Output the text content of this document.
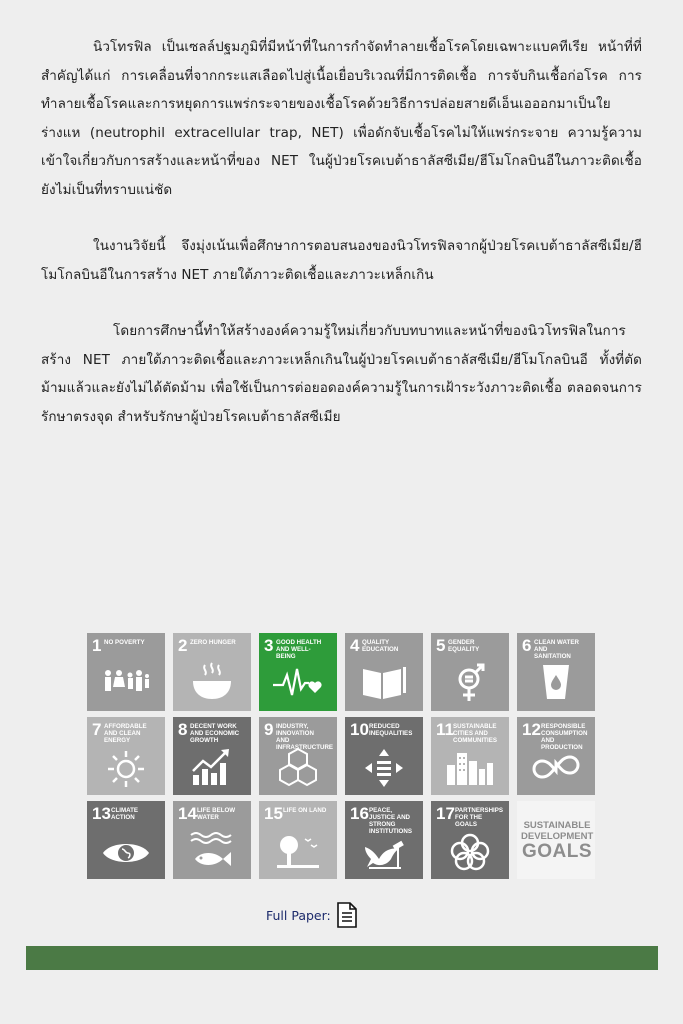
นิวโทรฟิล เป็นเซลล์ปฐมภูมิที่มีหน้าที่ในการกำจัดทำลายเชื้อโรคโดยเฉพาะแบคทีเรีย หน้าที่ที่สำคัญได้แก่ การเคลื่อนที่จากกระแสเลือดไปสู่เนื้อเยื่อบริเวณที่มีการติดเชื้อ การจับกินเชื้อก่อโรค การทำลายเชื้อโรคและการหยุดการแพร่กระจายของเชื้อโรคด้วยวิธีการปล่อยสายดีเอ็นเอออกมาเป็นใยร่างแห (neutrophil extracellular trap, NET) เพื่อดักจับเชื้อโรคไม่ให้แพร่กระจาย ความรู้ความเข้าใจเกี่ยวกับการสร้างและหน้าที่ของ NET ในผู้ป่วยโรคเบต้าธาลัสซีเมีย/ฮีโมโกลบินอีในภาวะติดเชื้อ ยังไม่เป็นที่ทราบแน่ชัด

ในงานวิจัยนี้ จึงมุ่งเน้นเพื่อศึกษาการตอบสนองของนิวโทรฟิลจากผู้ป่วยโรคเบต้าธาลัสซีเมีย/ฮีโมโกลบินอีในการสร้าง NET ภายใต้ภาวะติดเชื้อและภาวะเหล็กเกิน

โดยการศึกษานี้ทำให้สร้างองค์ความรู้ใหม่เกี่ยวกับบทบาทและหน้าที่ของนิวโทรฟิลในการสร้าง NET ภายใต้ภาวะติดเชื้อและภาวะเหล็กเกินในผู้ป่วยโรคเบต้าธาลัสซีเมีย/ฮีโมโกลบินอี ทั้งที่ตัดม้ามแล้วและยังไม่ได้ตัดม้าม เพื่อใช้เป็นการต่อยอดองค์ความรู้ในการเฝ้าระวังภาวะติดเชื้อ ตลอดจนการรักษาตรงจุด สำหรับรักษาผู้ป่วยโรคเบต้าธาลัสซีเมีย

1 NO POVERTY	2 ZERO HUNGER 3 GOOD HEALTH AND WELL-BEING
4 QUALITY EDUCATION	5 GENDER EQUALITY	6 CLEAN WATER AND SANITATION
7 AFFORDABLE AND CLEAN ENERGY
8 DECENT WORK AND ECONOMIC GROWTH
9 INDUSTRY, INNOVATION AND INFRASTRUCTURE
10 REDUCED INEQUALITIES	11 SUSTAINABLE CITIES AND COMMUNITIES
12 RESPONSIBLE CONSUMPTION AND PRODUCTION
13 CLIMATE ACTION	14 LIFE BELOW WATER	15 LIFE ON LAND	16 PEACE, JUSTICE AND STRONG INSTITUTIONS
17 PARTNERSHIPS FOR THE GOALS	SUSTAINABLE
DEVELOPMENT
GOALS
Full Paper:
